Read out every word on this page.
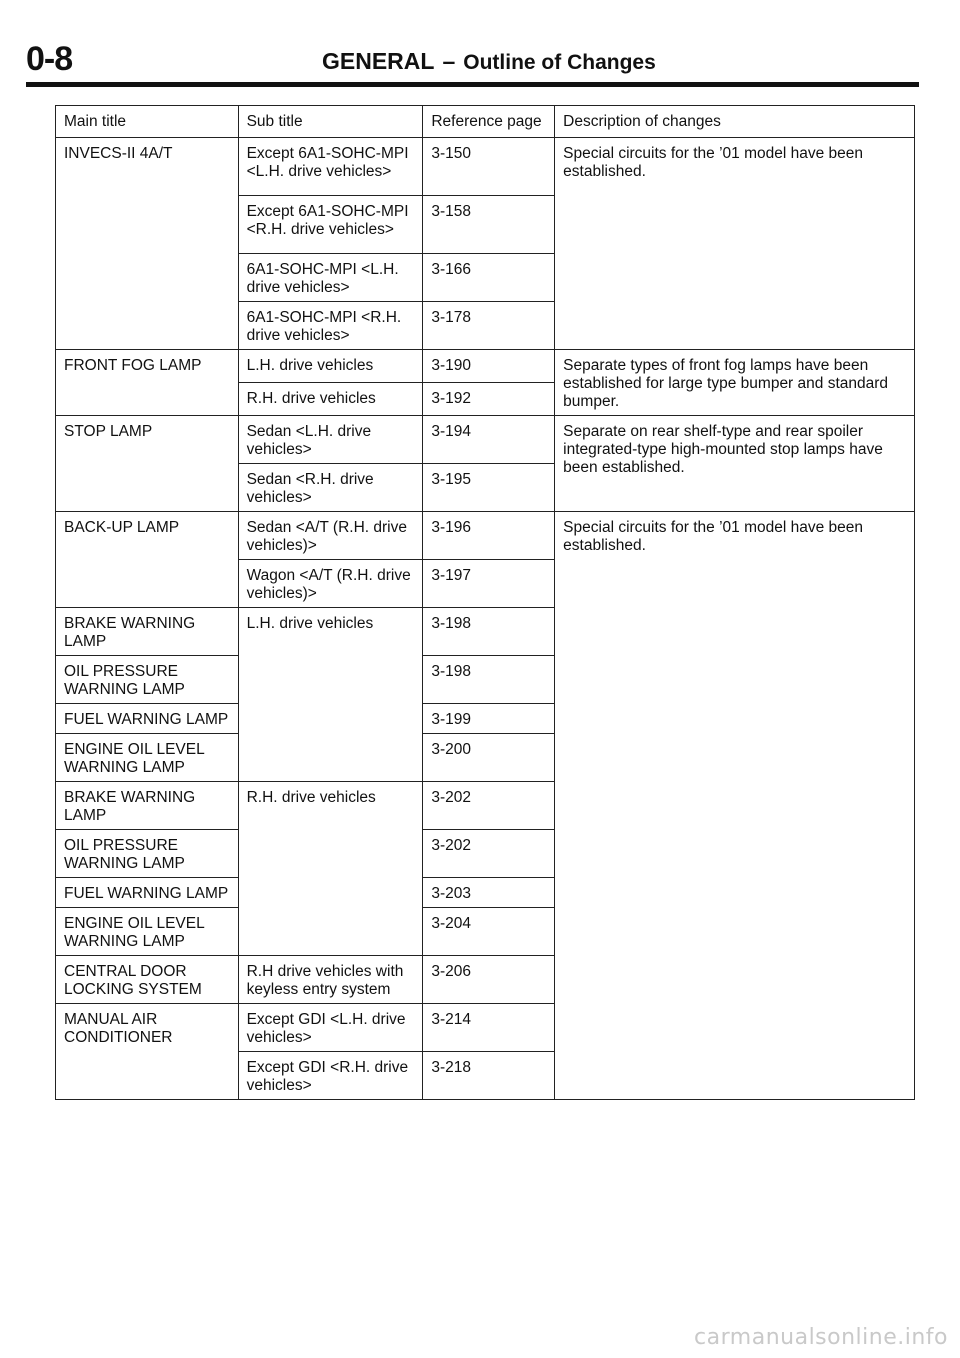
0-8	GENERAL – Outline of Changes
Main title	Sub title	Reference page	Description of changes
INVECS-II 4A/T	Except 6A1-SOHC-MPI <L.H. drive vehicles>	3-150	Special circuits for the ’01 model have been established.
	Except 6A1-SOHC-MPI <R.H. drive vehicles>	3-158	
	6A1-SOHC-MPI <L.H. drive vehicles>	3-166	
	6A1-SOHC-MPI <R.H. drive vehicles>	3-178	
FRONT FOG LAMP	L.H. drive vehicles	3-190	Separate types of front fog lamps have been established for large type bumper and standard bumper.
	R.H. drive vehicles	3-192	
STOP LAMP	Sedan <L.H. drive vehicles>	3-194	Separate on rear shelf-type and rear spoiler integrated-type high-mounted stop lamps have been established.
	Sedan <R.H. drive vehicles>	3-195	
BACK-UP LAMP	Sedan <A/T (R.H. drive vehicles)>	3-196	Special circuits for the ’01 model have been established.
	Wagon <A/T (R.H. drive vehicles)>	3-197	
BRAKE WARNING LAMP	L.H. drive vehicles	3-198	
OIL PRESSURE WARNING LAMP		3-198	
FUEL WARNING LAMP		3-199	
ENGINE OIL LEVEL WARNING LAMP		3-200	
BRAKE WARNING LAMP	R.H. drive vehicles	3-202	
OIL PRESSURE WARNING LAMP		3-202	
FUEL WARNING LAMP		3-203	
ENGINE OIL LEVEL WARNING LAMP		3-204	
CENTRAL DOOR LOCKING SYSTEM	R.H drive vehicles with keyless entry system	3-206	
MANUAL AIR CONDITIONER	Except GDI <L.H. drive vehicles>	3-214	
	Except GDI <R.H. drive vehicles>	3-218	
carmanualsonline.info
